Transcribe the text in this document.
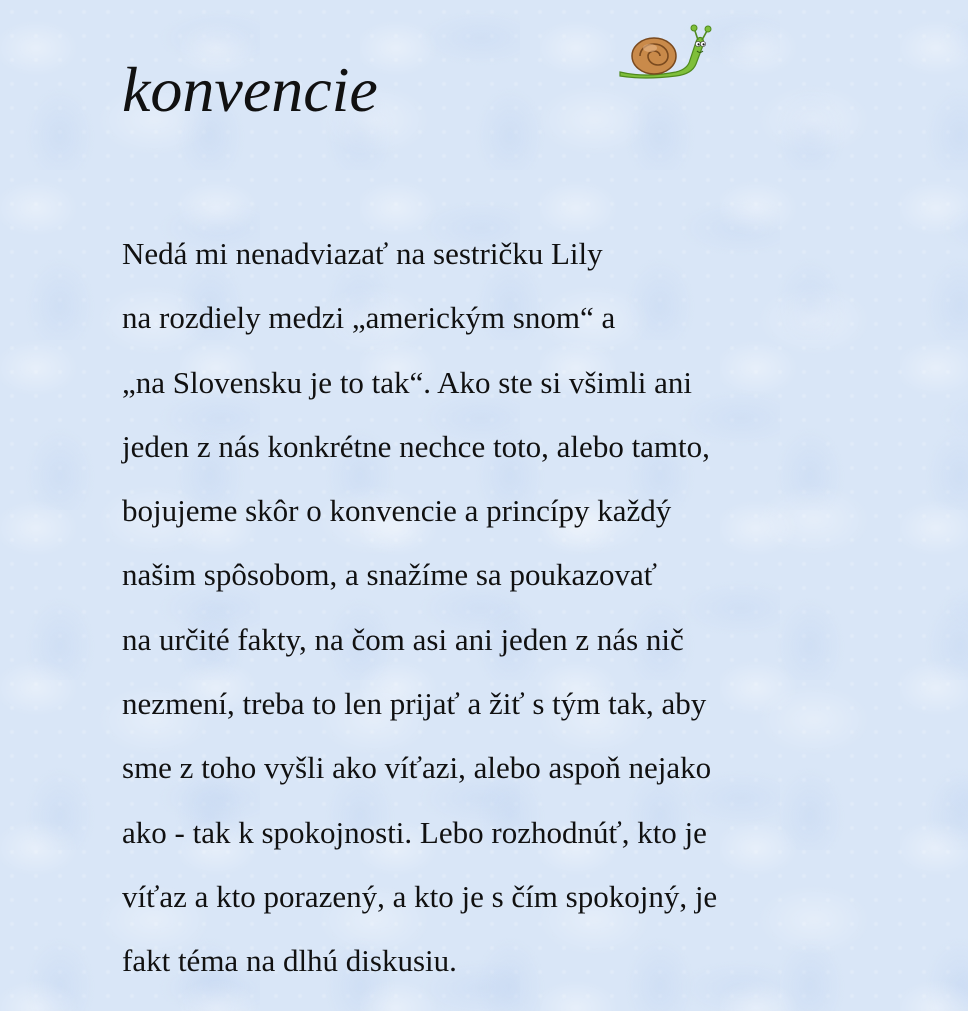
konvencie
Nedá mi nenadviazať na sestričku Lily
na rozdiely medzi „americkým snom“ a
„na Slovensku je to tak“. Ako ste si všimli ani
jeden z nás konkrétne nechce toto, alebo tamto,
bojujeme skôr o konvencie a princípy každý
našim spôsobom, a snažíme sa poukazovať
na určité fakty, na čom asi ani jeden z nás nič
nezmení, treba to len prijať a žiť s tým tak, aby
sme z toho vyšli ako víťazi, alebo aspoň nejako
ako - tak k spokojnosti. Lebo rozhodnúť, kto je
víťaz a kto porazený, a kto je s čím spokojný, je
fakt téma na dlhú diskusiu.
